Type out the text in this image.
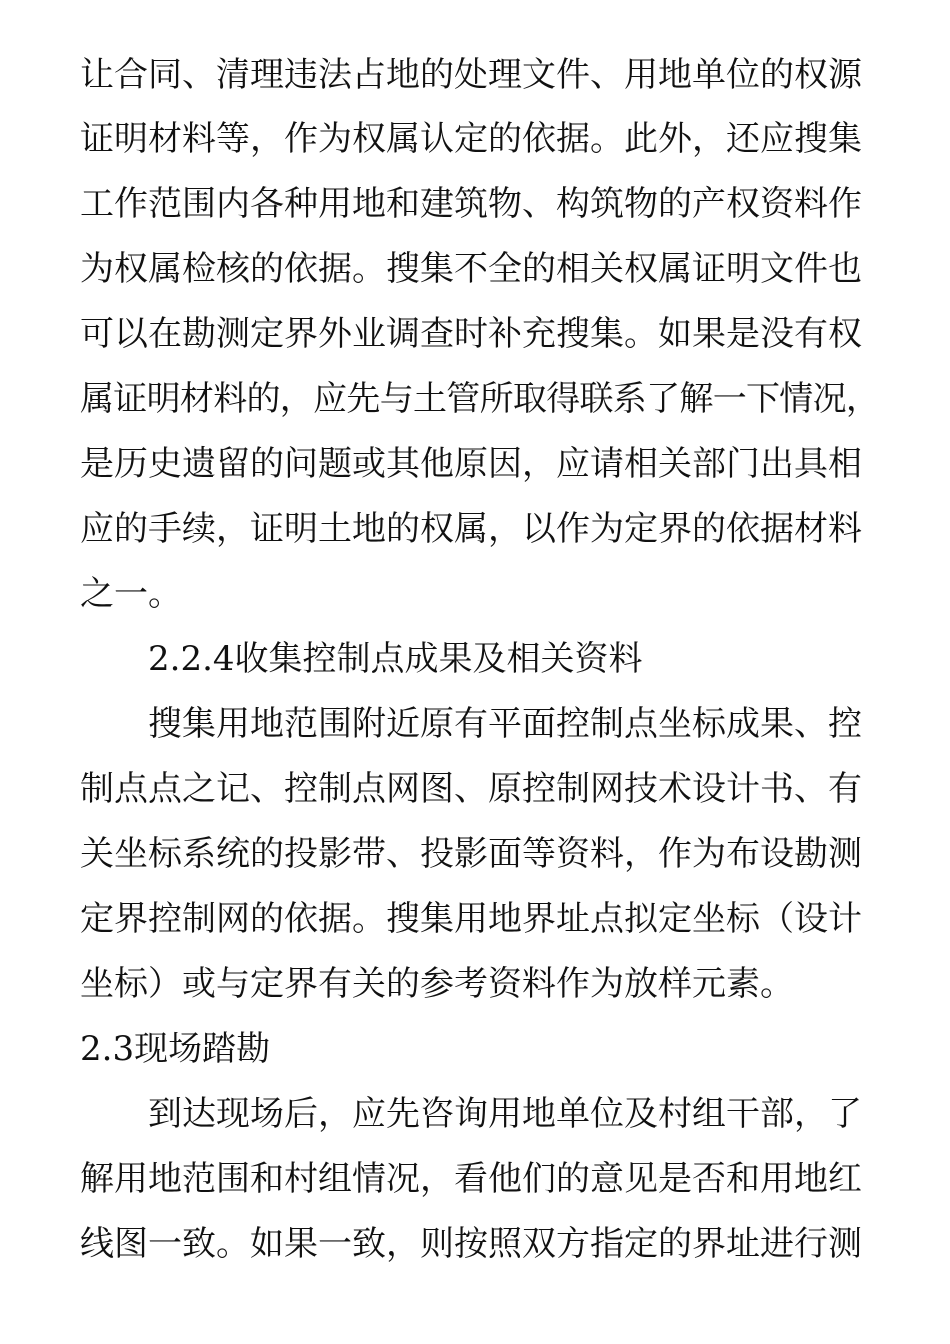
让合同、清理违法占地的处理文件、用地单位的权源
证明材料等，作为权属认定的依据。此外，还应搜集
工作范围内各种用地和建筑物、构筑物的产权资料作
为权属检核的依据。搜集不全的相关权属证明文件也
可以在勘测定界外业调查时补充搜集。如果是没有权
属证明材料的，应先与土管所取得联系了解一下情况，
是历史遗留的问题或其他原因，应请相关部门出具相
应的手续，证明土地的权属，以作为定界的依据材料
之一。
2.2.4收集控制点成果及相关资料
搜集用地范围附近原有平面控制点坐标成果、控
制点点之记、控制点网图、原控制网技术设计书、有
关坐标系统的投影带、投影面等资料，作为布设勘测
定界控制网的依据。搜集用地界址点拟定坐标（设计
坐标）或与定界有关的参考资料作为放样元素。
2.3现场踏勘
到达现场后，应先咨询用地单位及村组干部，了
解用地范围和村组情况，看他们的意见是否和用地红
线图一致。如果一致，则按照双方指定的界址进行测
